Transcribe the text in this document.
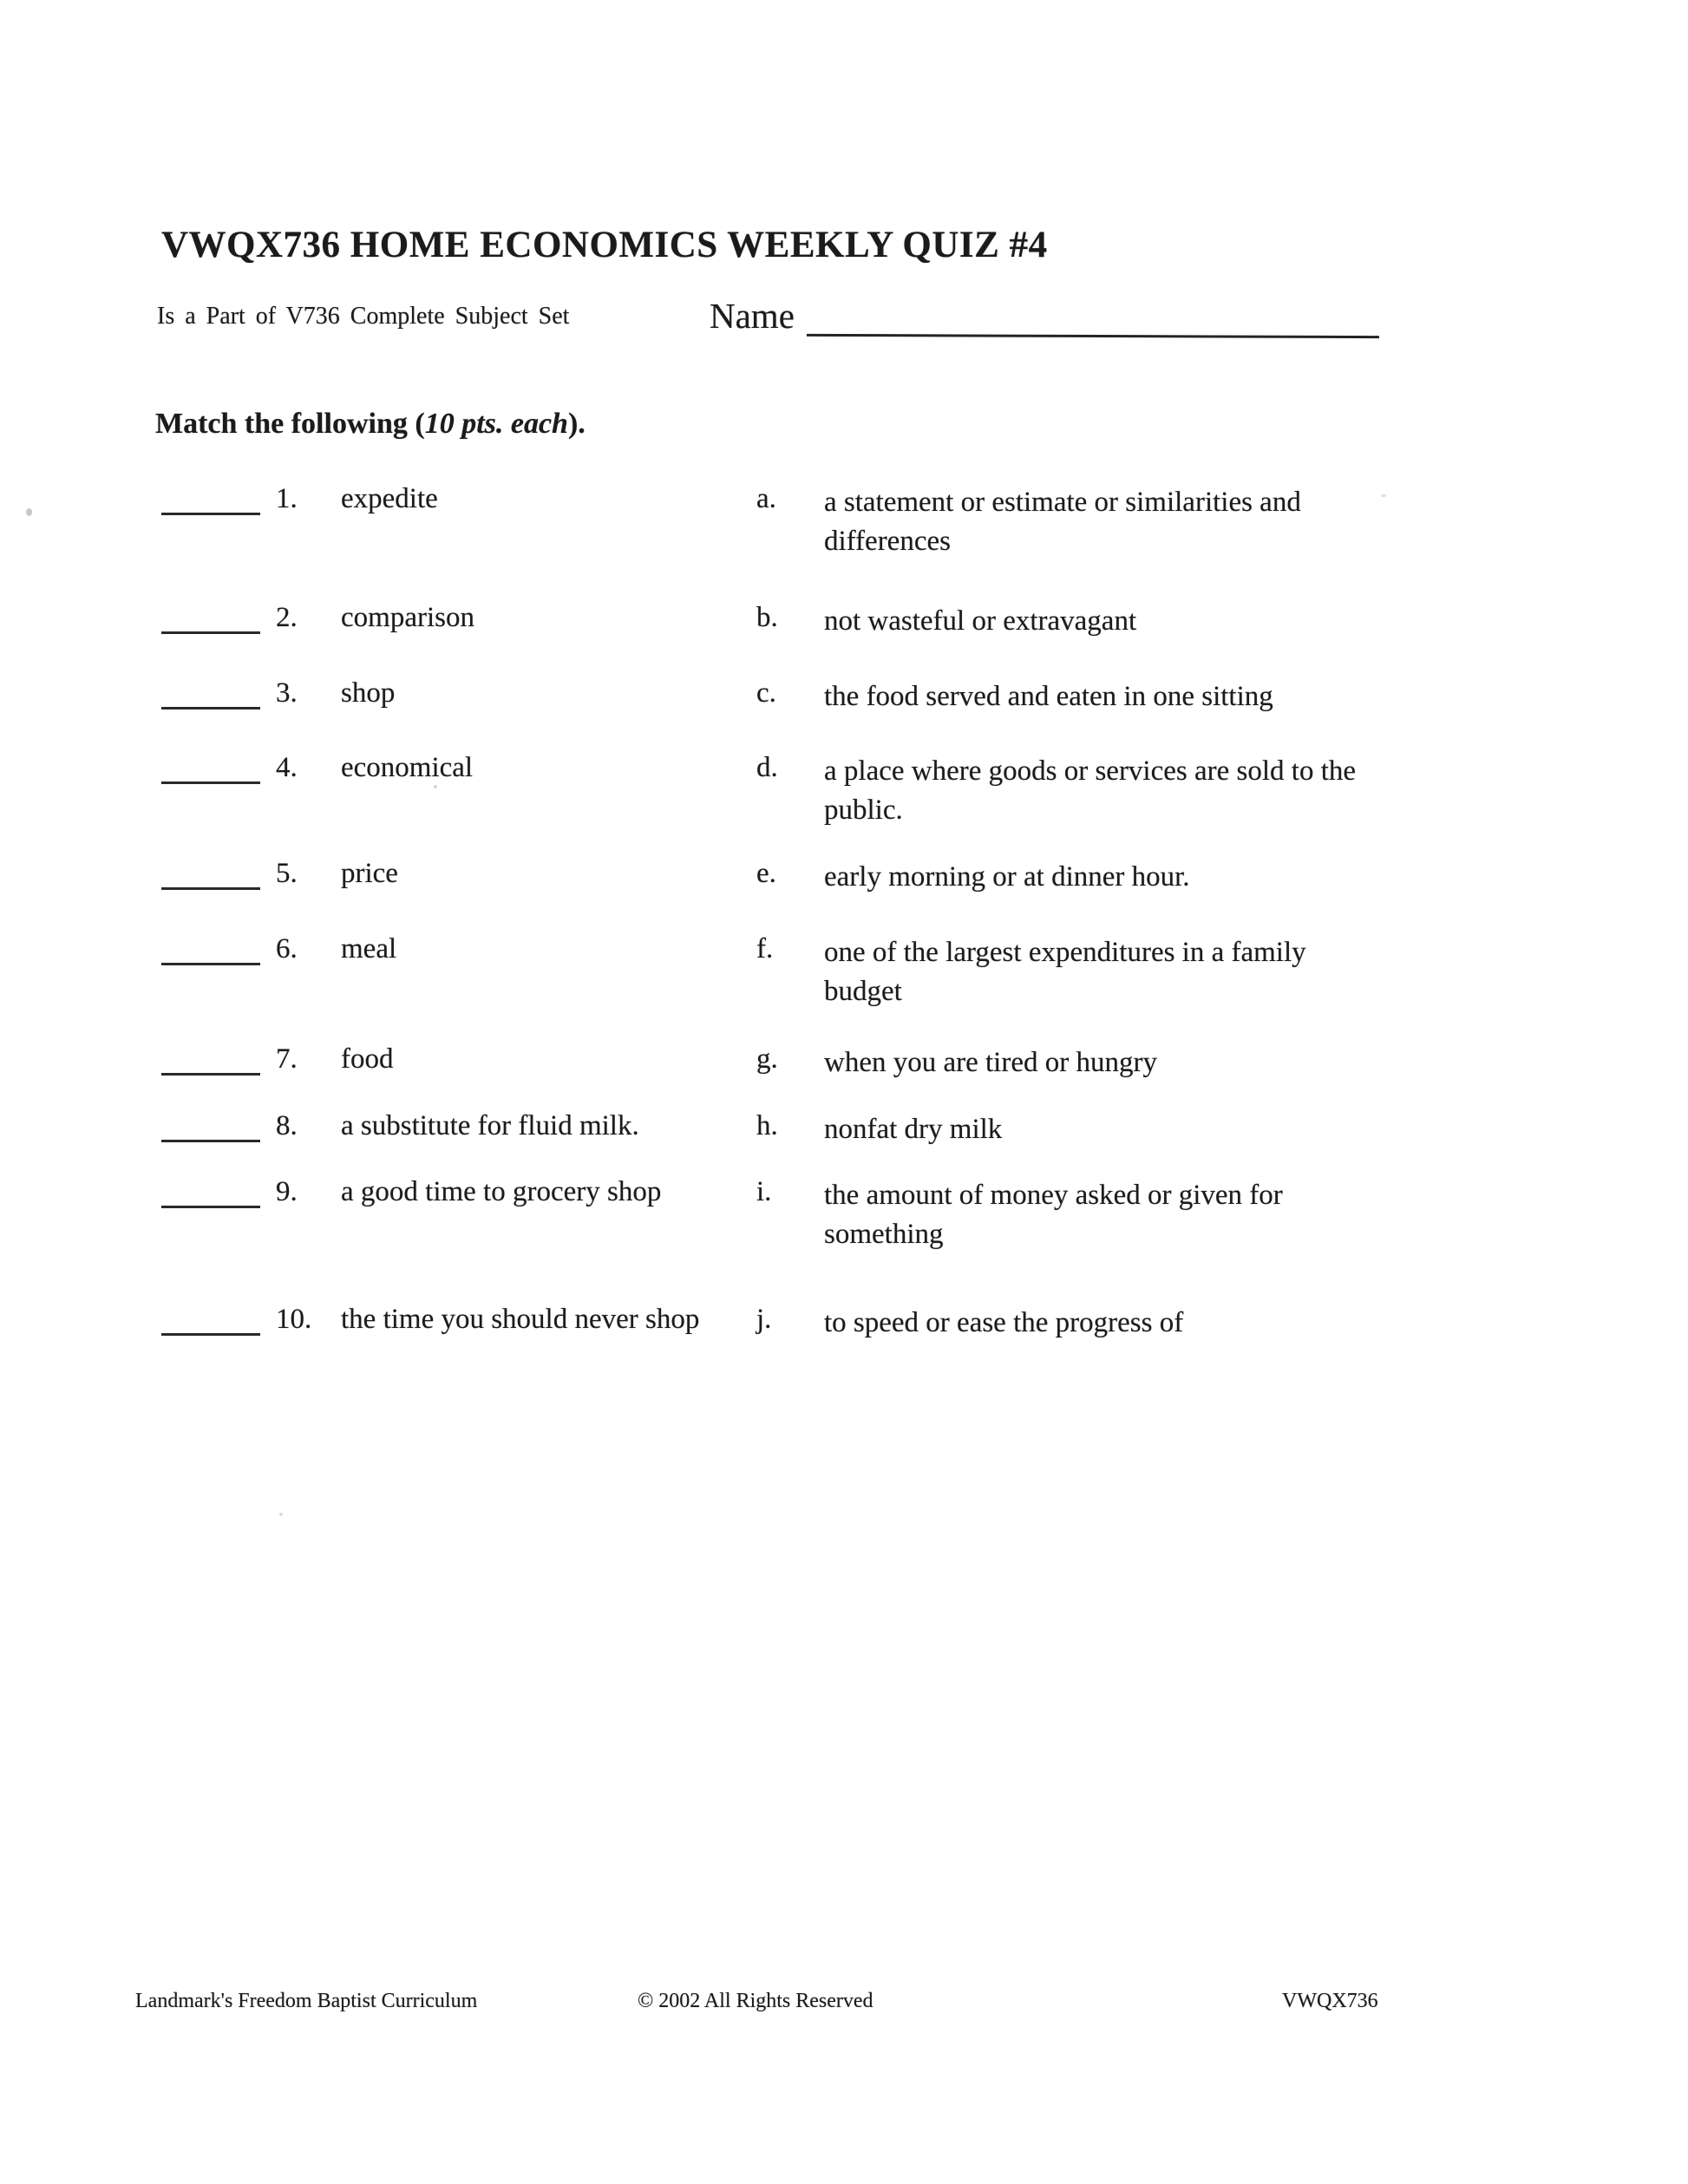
VWQX736 HOME ECONOMICS WEEKLY QUIZ #4
Is a Part of V736 Complete Subject Set	Name
Match the following (10 pts. each).
1. expedite	a. a statement or estimate or similarities and differences
2. comparison	b. not wasteful or extravagant
3. shop	c. the food served and eaten in one sitting
4. economical	d. a place where goods or services are sold to the public.
5. price	e. early morning or at dinner hour.
6. meal	f. one of the largest expenditures in a family budget
7. food	g. when you are tired or hungry
8. a substitute for fluid milk.	h. nonfat dry milk
9. a good time to grocery shop	i. the amount of money asked or given for something
10. the time you should never shop j. to speed or ease the progress of
Landmark's Freedom Baptist Curriculum	© 2002 All Rights Reserved	VWQX736
